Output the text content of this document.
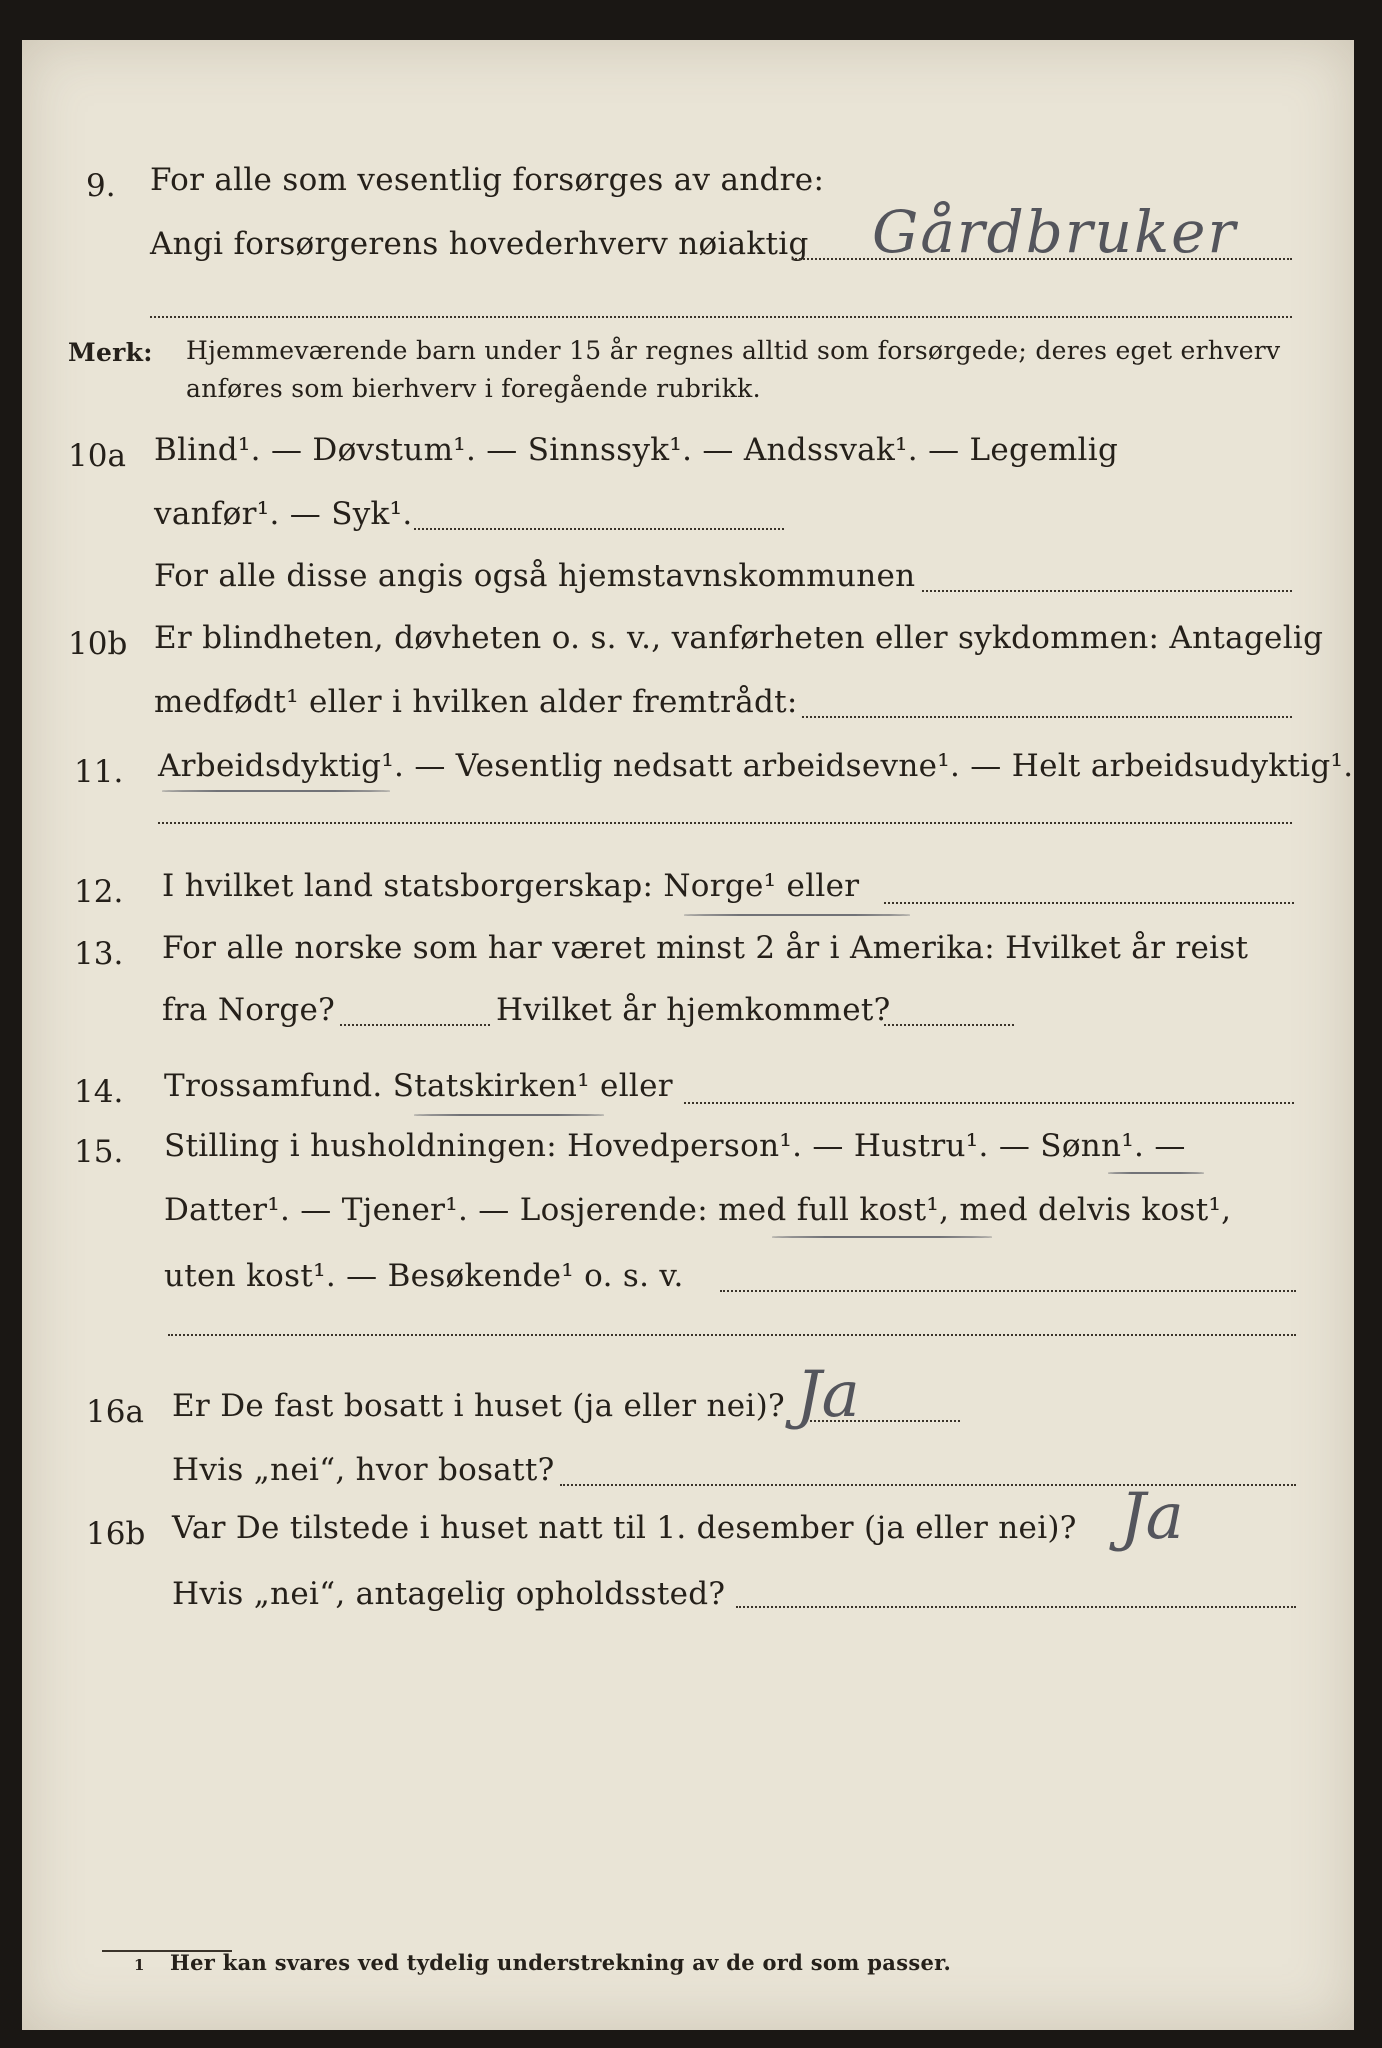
9. For alle som vesentlig forsørges av andre:
Angi forsørgerens hovederhverv nøiaktig Gårdbruker
Merk: Hjemmeværende barn under 15 år regnes alltid som forsørgede; deres eget erhverv
anføres som bierhverv i foregående rubrikk.
10a Blind¹. — Døvstum¹. — Sinnssyk¹. — Andssvak¹. — Legemlig
vanfør¹. — Syk¹.
For alle disse angis også hjemstavnskommunen
10b Er blindheten, døvheten o. s. v., vanførheten eller sykdommen: Antagelig
medfødt¹ eller i hvilken alder fremtrådt:
11. Arbeidsdyktig¹. — Vesentlig nedsatt arbeidsevne¹. — Helt arbeidsudyktig¹.
12. I hvilket land statsborgerskap: Norge¹ eller
13. For alle norske som har været minst 2 år i Amerika: Hvilket år reist
fra Norge?	Hvilket år hjemkommet?
14. Trossamfund. Statskirken¹ eller
15. Stilling i husholdningen: Hovedperson¹. — Hustru¹. — Sønn¹. —
Datter¹. — Tjener¹. — Losjerende: med full kost¹, med delvis kost¹,
uten kost¹. — Besøkende¹ o. s. v.
16a Er De fast bosatt i huset (ja eller nei)? Ja
Hvis „nei“, hvor bosatt?
16b Var De tilstede i huset natt til 1. desember (ja eller nei)? Ja
Hvis „nei“, antagelig opholdssted?
1 Her kan svares ved tydelig understrekning av de ord som passer.
